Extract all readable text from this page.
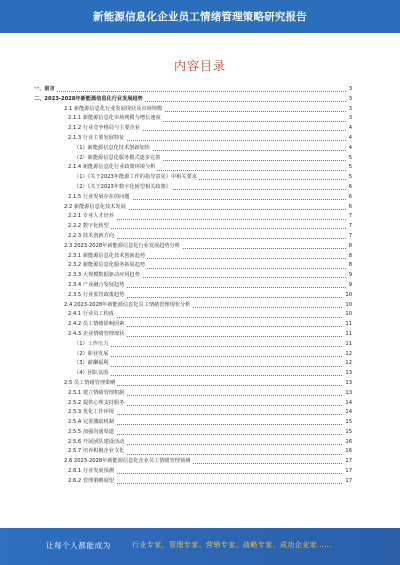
新能源信息化企业员工情绪管理策略研究报告
内容目录
一、前言	3
二、2023-2028年新能源信息化行业发展趋势	3
2.1 新能源信息化行业发展现状及市场规模	3
2.1.1 新能源信息化市场规模与增长速度	3
2.1.2 行业竞争格局与主要企业	4
2.1.3 行业主要发展特征	4
（1）新能源信息化技术创新加快	4
（2）新能源信息化服务模式逐步完善	5
2.1.4 新能源信息化行业政策环境分析	5
（1）《关于2023年能源工作的指导意见》中相关要求	5
（2）《关于2023年数字化转型相关政策》	6
2.1.5 行业发展存在的问题	6
2.2 新能源信息化技术发展	6
2.2.1 专业人才培养	7
2.2.2 数字化转型	7
2.2.3 技术创新方向	7
2.3 2023-2028年新能源信息化行业发展趋势分析	8
2.3.1 新能源信息化技术创新趋势	8
2.3.2 新能源信息化服务拓展趋势	8
2.3.3 大规模数据驱动应用趋势	9
2.3.4 产业融合发展趋势	9
2.3.5 行业监管政策趋势	10
2.4 2023-2028年新能源信息化员工情绪管理现状分析	10
2.4.1 行业员工构成	10
2.4.2 员工情绪影响因素	11
2.4.3 企业情绪管理现状	11
（1）工作压力	11
（2）职业发展	12
（3）薪酬福利	12
（4）团队氛围	13
2.5 员工情绪管理策略	13
2.5.1 建立情绪管理机制	13
2.5.2 提供心理支持服务	14
2.5.3 优化工作环境	14
2.5.4 完善激励机制	15
2.5.5 加强沟通渠道	15
2.5.6 开展团队建设活动	16
2.5.7 培养积极企业文化	16
2.6 2023-2028年新能源信息化企业员工情绪管理预测	17
2.6.1 行业发展预测	17
2.6.2 管理策略展望	17
让每个人都能成为	行业专家、管理专家、营销专家、战略专家、成功企业家……
